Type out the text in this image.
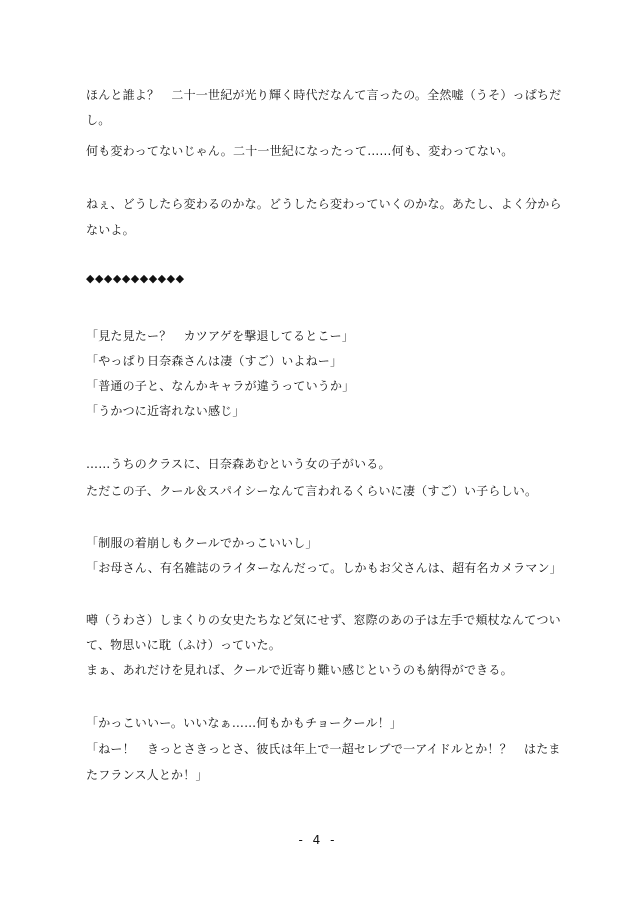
ほんと誰よ？　二十一世紀が光り輝く時代だなんて言ったの。全然嘘（うそ）っぱちだ
し。
何も変わってないじゃん。二十一世紀になったって……何も、変わってない。
ねぇ、どうしたら変わるのかな。どうしたら変わっていくのかな。あたし、よく分から
ないよ。
◆◆◆◆◆◆◆◆◆◆◆
「見た見たー？　カツアゲを撃退してるとこー」
「やっぱり日奈森さんは凄（すご）いよねー」
「普通の子と、なんかキャラが違うっていうか」
「うかつに近寄れない感じ」
……うちのクラスに、日奈森あむという女の子がいる。
ただこの子、クール＆スパイシーなんて言われるくらいに凄（すご）い子らしい。
「制服の着崩しもクールでかっこいいし」
「お母さん、有名雑誌のライターなんだって。しかもお父さんは、超有名カメラマン」
噂（うわさ）しまくりの女史たちなど気にせず、窓際のあの子は左手で頬杖なんてつい
て、物思いに耽（ふけ）っていた。
まぁ、あれだけを見れば、クールで近寄り難い感じというのも納得ができる。
「かっこいいー。いいなぁ……何もかもチョークール！」
「ねー！　きっとさきっとさ、彼氏は年上で一超セレブで一アイドルとか！？　はたま
たフランス人とか！」
- 4 -
